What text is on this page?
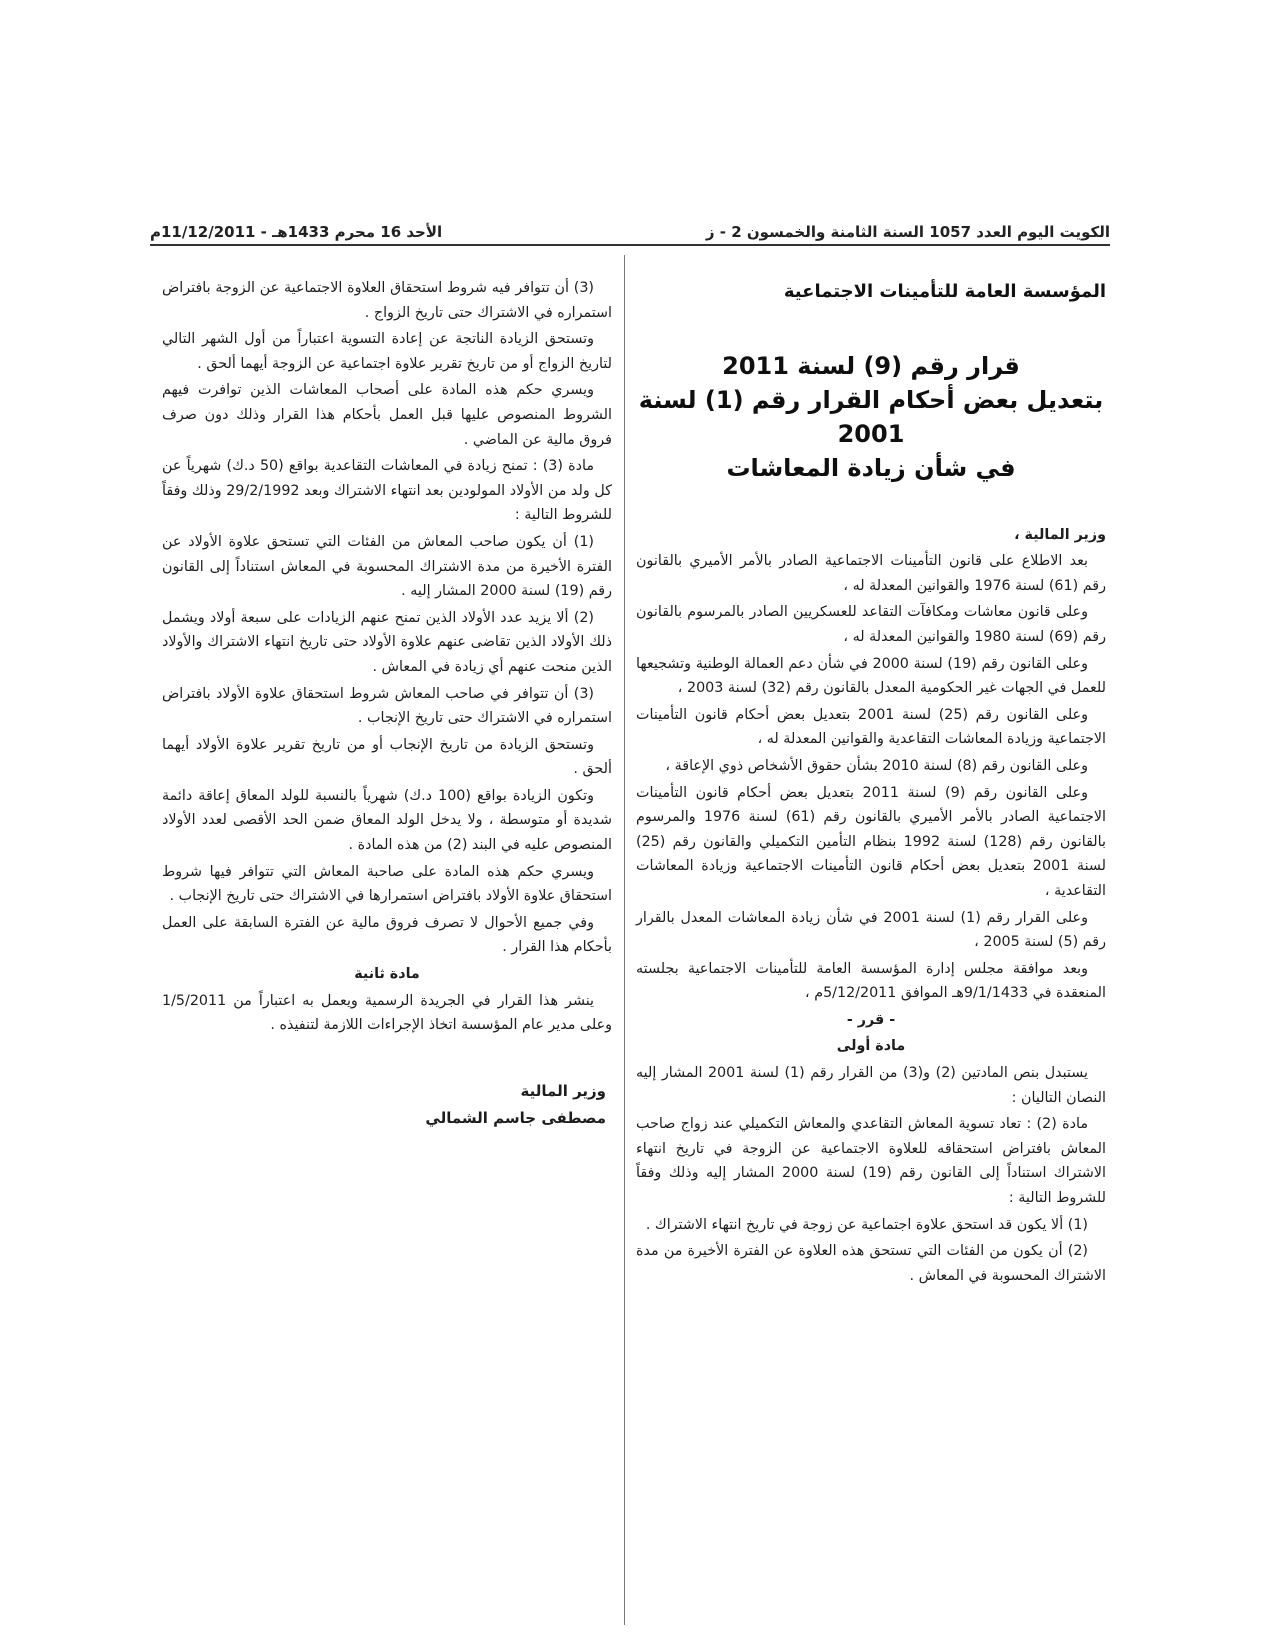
الأحد 16 محرم 1433هـ - 11/12/2011م	الكويت اليوم العدد 1057 السنة الثامنة والخمسون 2 - ز
المؤسسة العامة للتأمينات الاجتماعية
قرار رقم (9) لسنة 2011
بتعديل بعض أحكام القرار رقم (1) لسنة 2001
في شأن زيادة المعاشات

وزير المالية ،

بعد الاطلاع على قانون التأمينات الاجتماعية الصادر بالأمر الأميري بالقانون رقم (61) لسنة 1976 والقوانين المعدلة له ،

وعلى قانون معاشات ومكافآت التقاعد للعسكريين الصادر بالمرسوم بالقانون رقم (69) لسنة 1980 والقوانين المعدلة له ،

وعلى القانون رقم (19) لسنة 2000 في شأن دعم العمالة الوطنية وتشجيعها للعمل في الجهات غير الحكومية المعدل بالقانون رقم (32) لسنة 2003 ،

وعلى القانون رقم (25) لسنة 2001 بتعديل بعض أحكام قانون التأمينات الاجتماعية وزيادة المعاشات التقاعدية والقوانين المعدلة له ،

وعلى القانون رقم (8) لسنة 2010 بشأن حقوق الأشخاص ذوي الإعاقة ،

وعلى القانون رقم (9) لسنة 2011 بتعديل بعض أحكام قانون التأمينات الاجتماعية الصادر بالأمر الأميري بالقانون رقم (61) لسنة 1976 والمرسوم بالقانون رقم (128) لسنة 1992 بنظام التأمين التكميلي والقانون رقم (25) لسنة 2001 بتعديل بعض أحكام قانون التأمينات الاجتماعية وزيادة المعاشات التقاعدية ،

وعلى القرار رقم (1) لسنة 2001 في شأن زيادة المعاشات المعدل بالقرار رقم (5) لسنة 2005 ،

وبعد موافقة مجلس إدارة المؤسسة العامة للتأمينات الاجتماعية بجلسته المنعقدة في 9/1/1433هـ الموافق 5/12/2011م ،

- قرر -

مادة أولى

يستبدل بنص المادتين (2) و(3) من القرار رقم (1) لسنة 2001 المشار إليه النصان التاليان :

مادة (2) : تعاد تسوية المعاش التقاعدي والمعاش التكميلي عند زواج صاحب المعاش بافتراض استحقاقه للعلاوة الاجتماعية عن الزوجة في تاريخ انتهاء الاشتراك استناداً إلى القانون رقم (19) لسنة 2000 المشار إليه وذلك وفقاً للشروط التالية :

(1) ألا يكون قد استحق علاوة اجتماعية عن زوجة في تاريخ انتهاء الاشتراك .

(2) أن يكون من الفئات التي تستحق هذه العلاوة عن الفترة الأخيرة من مدة الاشتراك المحسوبة في المعاش .

(3) أن تتوافر فيه شروط استحقاق العلاوة الاجتماعية عن الزوجة بافتراض استمراره في الاشتراك حتى تاريخ الزواج .

وتستحق الزيادة الناتجة عن إعادة التسوية اعتباراً من أول الشهر التالي لتاريخ الزواج أو من تاريخ تقرير علاوة اجتماعية عن الزوجة أيهما ألحق .

ويسري حكم هذه المادة على أصحاب المعاشات الذين توافرت فيهم الشروط المنصوص عليها قبل العمل بأحكام هذا القرار وذلك دون صرف فروق مالية عن الماضي .

مادة (3) : تمنح زيادة في المعاشات التقاعدية بواقع (50 د.ك) شهرياً عن كل ولد من الأولاد المولودين بعد انتهاء الاشتراك وبعد 29/2/1992 وذلك وفقاً للشروط التالية :

(1) أن يكون صاحب المعاش من الفئات التي تستحق علاوة الأولاد عن الفترة الأخيرة من مدة الاشتراك المحسوبة في المعاش استناداً إلى القانون رقم (19) لسنة 2000 المشار إليه .

(2) ألا يزيد عدد الأولاد الذين تمنح عنهم الزيادات على سبعة أولاد ويشمل ذلك الأولاد الذين تقاضى عنهم علاوة الأولاد حتى تاريخ انتهاء الاشتراك والأولاد الذين منحت عنهم أي زيادة في المعاش .

(3) أن تتوافر في صاحب المعاش شروط استحقاق علاوة الأولاد بافتراض استمراره في الاشتراك حتى تاريخ الإنجاب .

وتستحق الزيادة من تاريخ الإنجاب أو من تاريخ تقرير علاوة الأولاد أيهما ألحق .

وتكون الزيادة بواقع (100 د.ك) شهرياً بالنسبة للولد المعاق إعاقة دائمة شديدة أو متوسطة ، ولا يدخل الولد المعاق ضمن الحد الأقصى لعدد الأولاد المنصوص عليه في البند (2) من هذه المادة .

ويسري حكم هذه المادة على صاحبة المعاش التي تتوافر فيها شروط استحقاق علاوة الأولاد بافتراض استمرارها في الاشتراك حتى تاريخ الإنجاب .

وفي جميع الأحوال لا تصرف فروق مالية عن الفترة السابقة على العمل بأحكام هذا القرار .

مادة ثانية

ينشر هذا القرار في الجريدة الرسمية ويعمل به اعتباراً من 1/5/2011 وعلى مدير عام المؤسسة اتخاذ الإجراءات اللازمة لتنفيذه .

وزير المالية
مصطفى جاسم الشمالي
